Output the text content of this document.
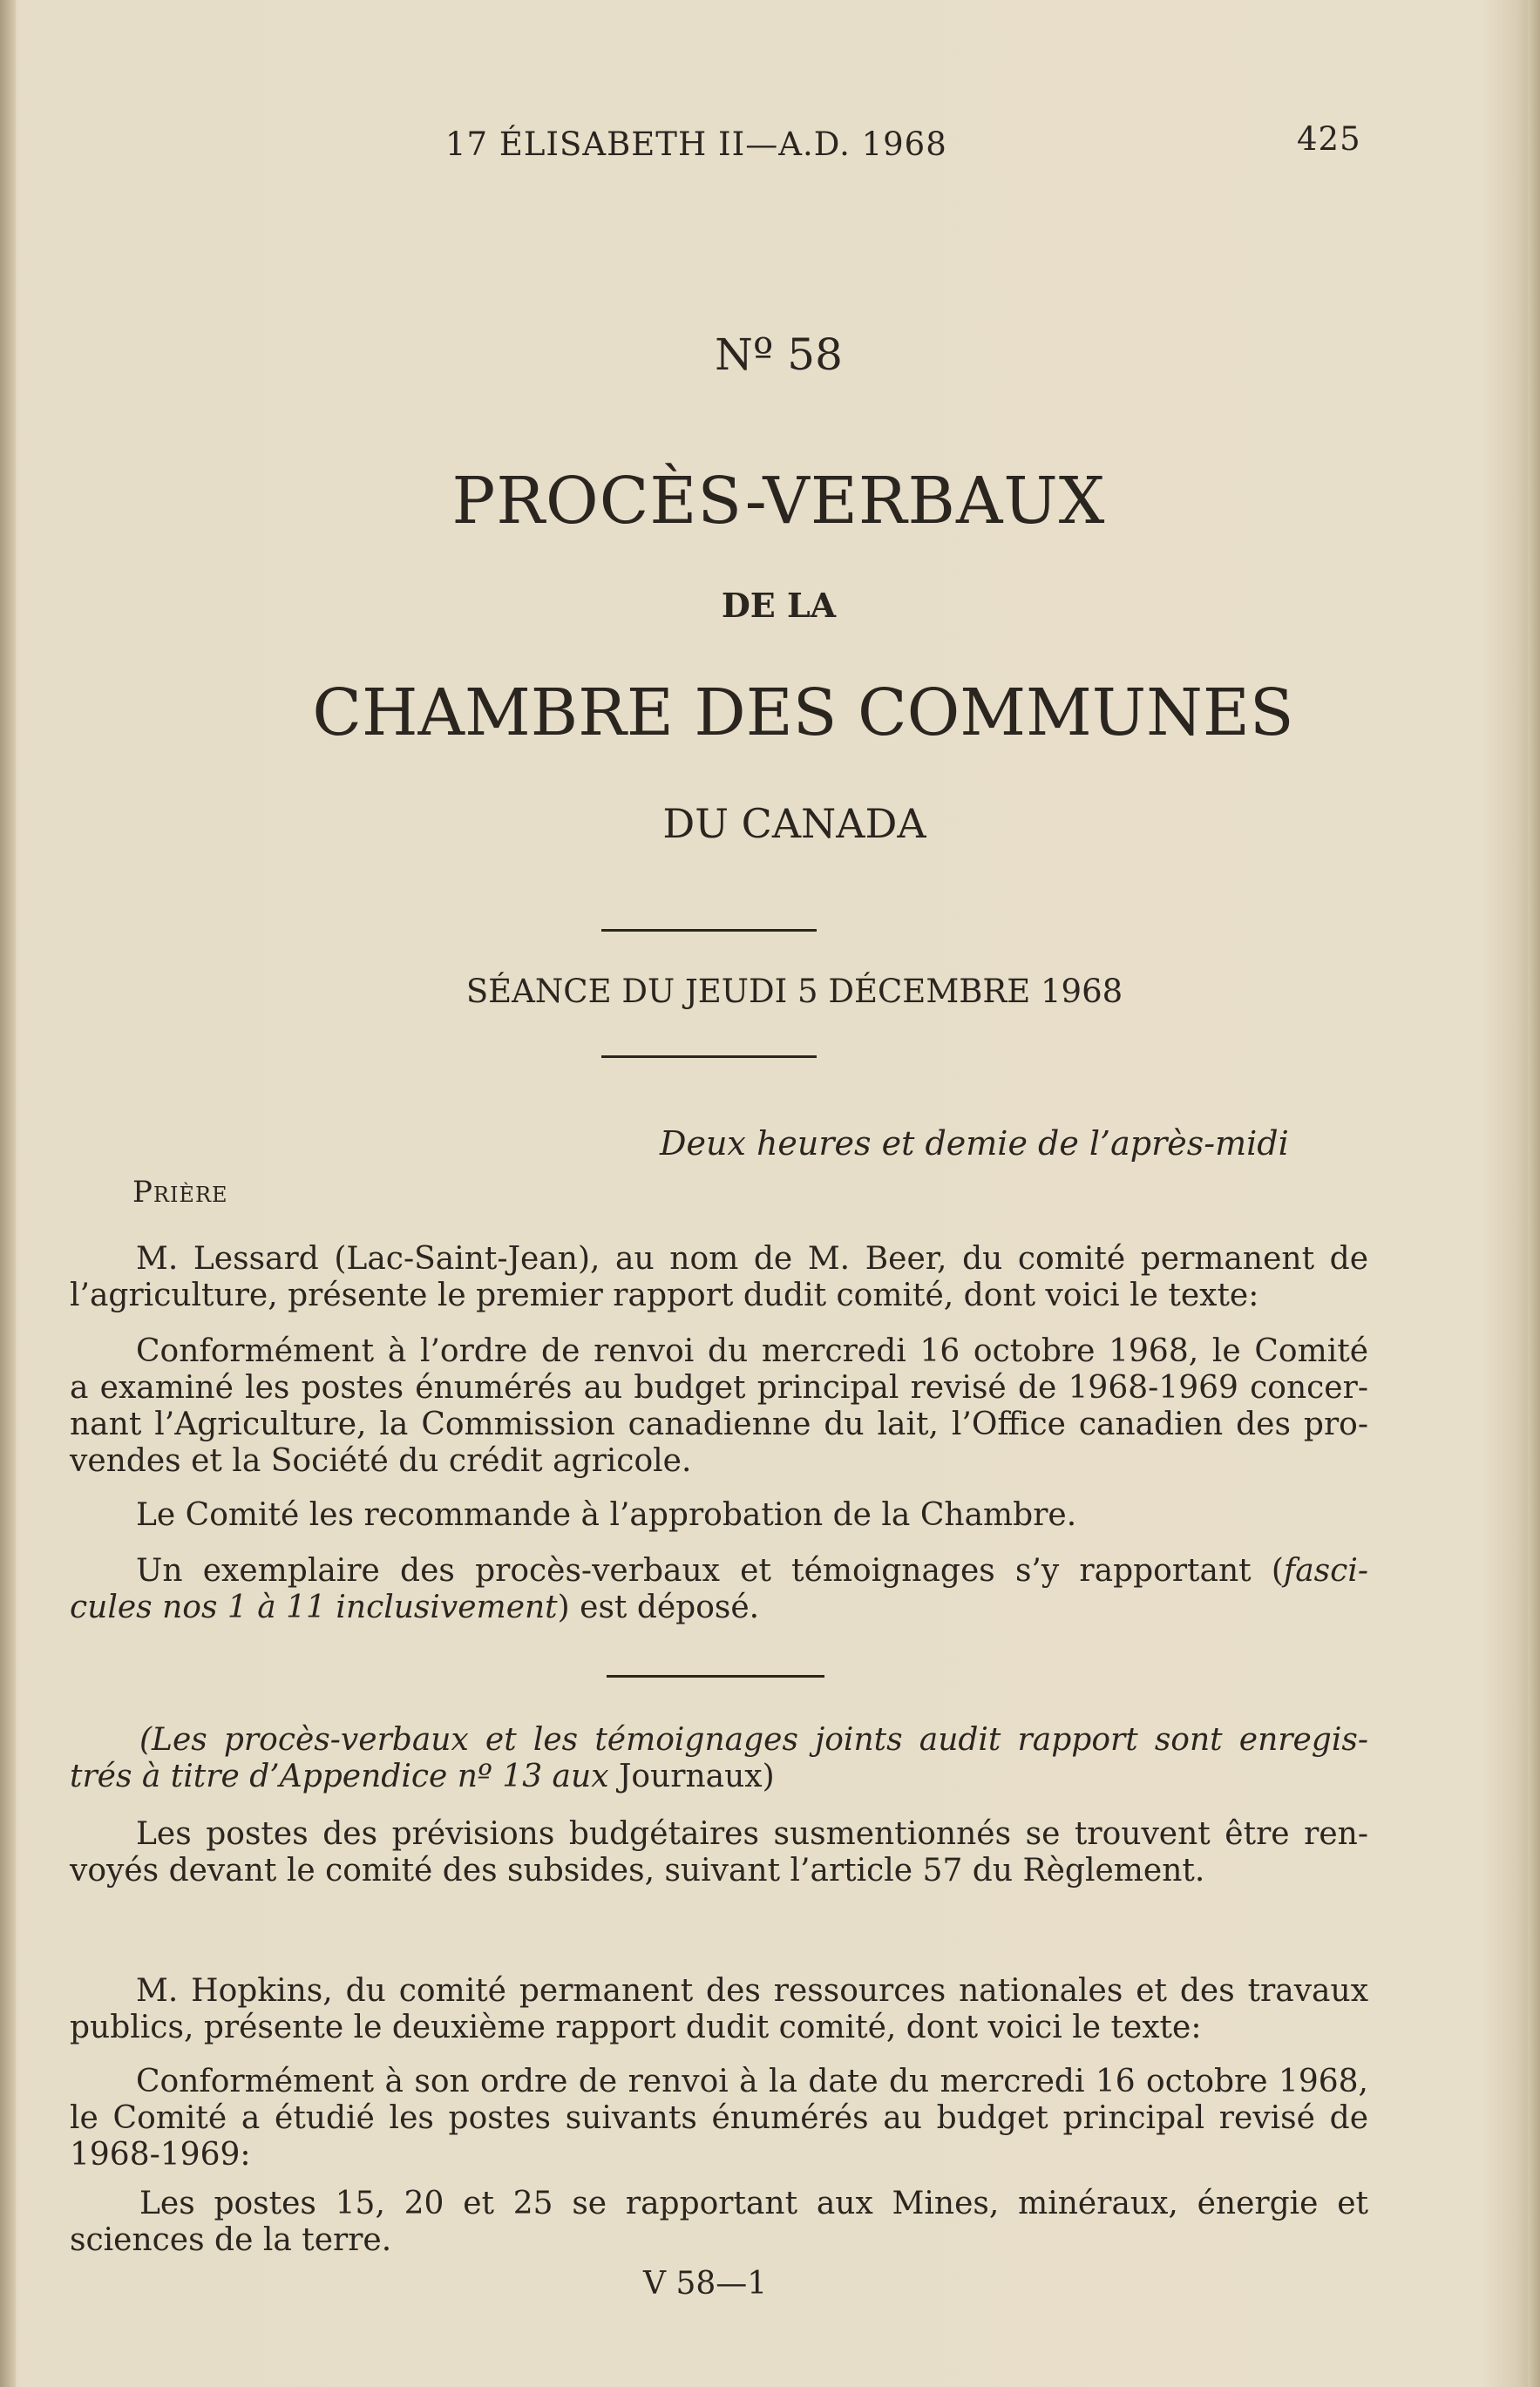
17 ÉLISABETH II—A.D. 1968	425
Nº 58
PROCÈS-VERBAUX
DE LA
CHAMBRE DES COMMUNES
DU CANADA
SÉANCE DU JEUDI 5 DÉCEMBRE 1968
Deux heures et demie de l’après-midi
Prière
M. Lessard (Lac-Saint-Jean), au nom de M. Beer, du comité permanent de
l’agriculture, présente le premier rapport dudit comité, dont voici le texte:
Conformément à l’ordre de renvoi du mercredi 16 octobre 1968, le Comité
a examiné les postes énumérés au budget principal revisé de 1968-1969 concer-
nant l’Agriculture, la Commission canadienne du lait, l’Office canadien des pro-
vendes et la Société du crédit agricole.
Le Comité les recommande à l’approbation de la Chambre.
Un exemplaire des procès-verbaux et témoignages s’y rapportant (fasci-
cules nos 1 à 11 inclusivement) est déposé.
(Les procès-verbaux et les témoignages joints audit rapport sont enregis-
trés à titre d’Appendice nº 13 aux Journaux)
Les postes des prévisions budgétaires susmentionnés se trouvent être ren-
voyés devant le comité des subsides, suivant l’article 57 du Règlement.
M. Hopkins, du comité permanent des ressources nationales et des travaux
publics, présente le deuxième rapport dudit comité, dont voici le texte:
Conformément à son ordre de renvoi à la date du mercredi 16 octobre 1968,
le Comité a étudié les postes suivants énumérés au budget principal revisé de
1968-1969:
Les postes 15, 20 et 25 se rapportant aux Mines, minéraux, énergie et
sciences de la terre.
V 58—1
